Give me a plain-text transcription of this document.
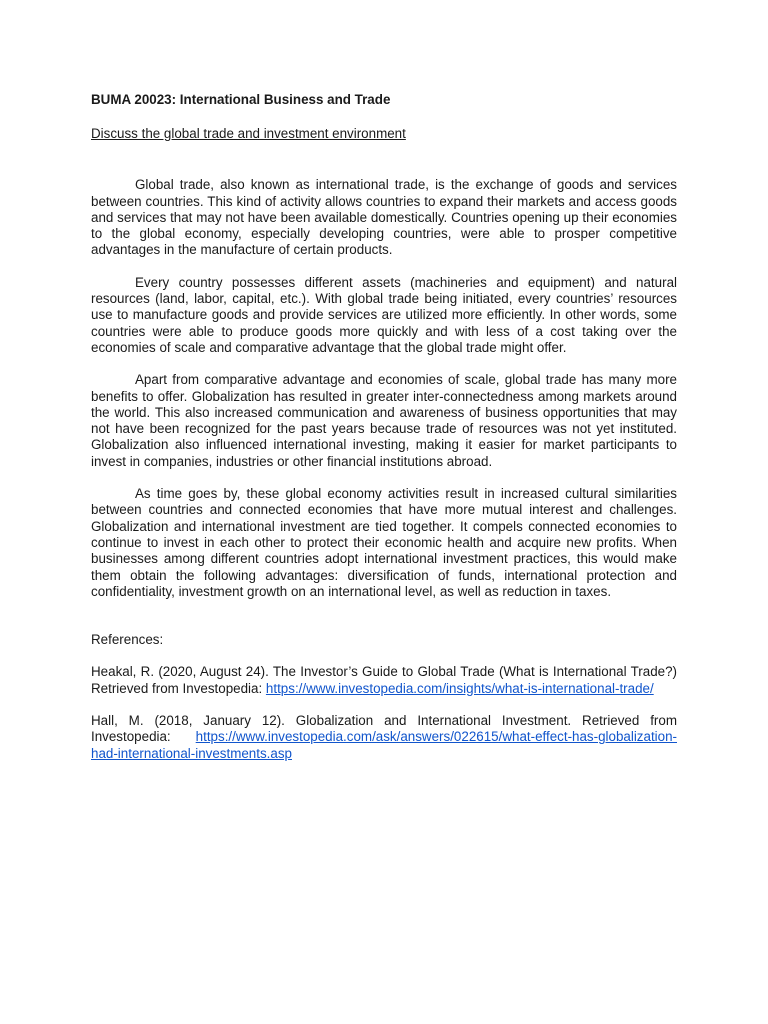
BUMA 20023: International Business and Trade
Discuss the global trade and investment environment

Global trade, also known as international trade, is the exchange of goods and services between countries. This kind of activity allows countries to expand their markets and access goods and services that may not have been available domestically. Countries opening up their economies to the global economy, especially developing countries, were able to prosper competitive advantages in the manufacture of certain products.

Every country possesses different assets (machineries and equipment) and natural resources (land, labor, capital, etc.). With global trade being initiated, every countries’ resources use to manufacture goods and provide services are utilized more efficiently. In other words, some countries were able to produce goods more quickly and with less of a cost taking over the economies of scale and comparative advantage that the global trade might offer.

Apart from comparative advantage and economies of scale, global trade has many more benefits to offer. Globalization has resulted in greater inter-connectedness among markets around the world. This also increased communication and awareness of business opportunities that may not have been recognized for the past years because trade of resources was not yet instituted. Globalization also influenced international investing, making it easier for market participants to invest in companies, industries or other financial institutions abroad.

As time goes by, these global economy activities result in increased cultural similarities between countries and connected economies that have more mutual interest and challenges. Globalization and international investment are tied together. It compels connected economies to continue to invest in each other to protect their economic health and acquire new profits. When businesses among different countries adopt international investment practices, this would make them obtain the following advantages: diversification of funds, international protection and confidentiality, investment growth on an international level, as well as reduction in taxes.

References:
Heakal, R. (2020, August 24). The Investor’s Guide to Global Trade (What is International Trade?) Retrieved from Investopedia: https://www.investopedia.com/insights/what-is-international-trade/
Hall, M. (2018, January 12). Globalization and International Investment. Retrieved from Investopedia: https://www.investopedia.com/ask/answers/022615/what-effect-has-globalization-had-international-investments.asp
